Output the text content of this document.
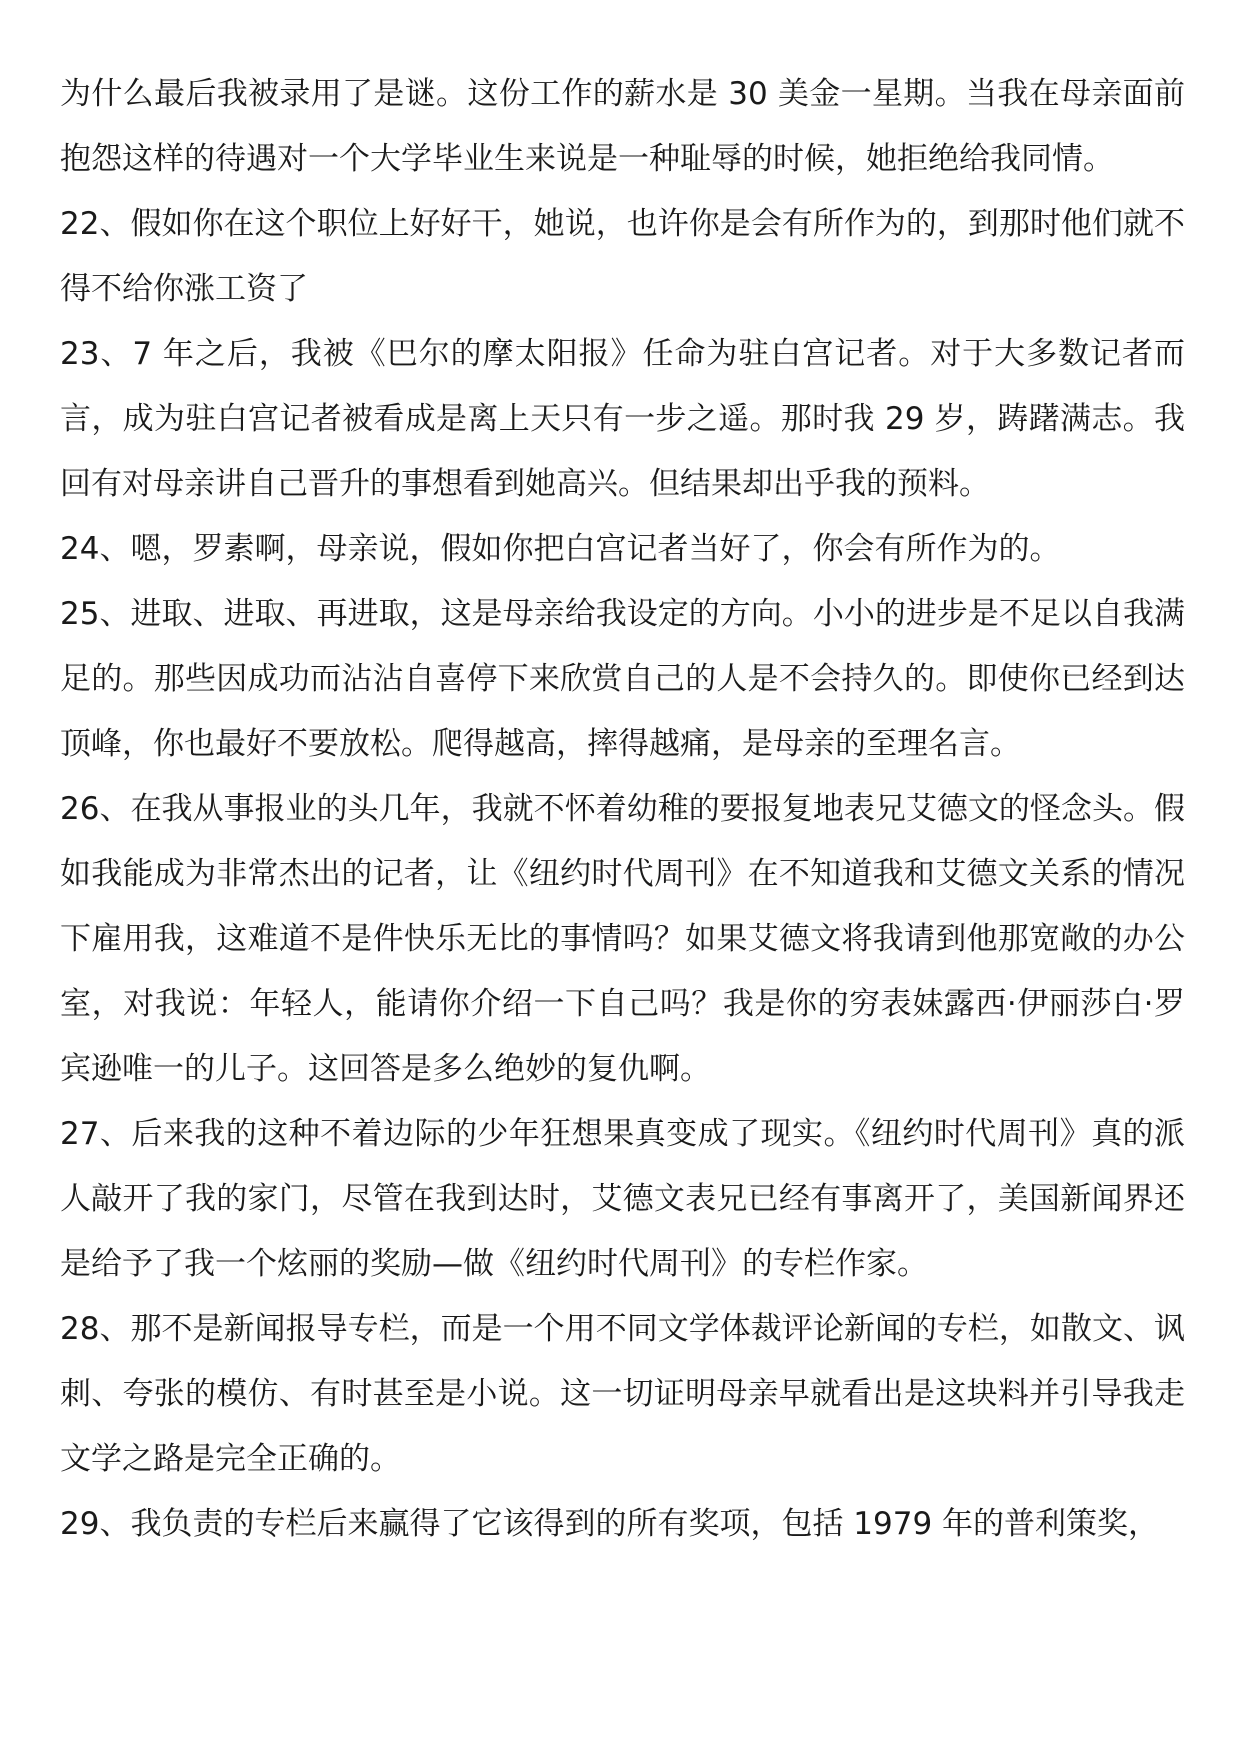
为什么最后我被录用了是谜。这份工作的薪水是 30 美金一星期。当我在母亲面前抱怨这样的待遇对一个大学毕业生来说是一种耻辱的时候，她拒绝给我同情。

22、假如你在这个职位上好好干，她说，也许你是会有所作为的，到那时他们就不得不给你涨工资了

23、7 年之后，我被《巴尔的摩太阳报》任命为驻白宫记者。对于大多数记者而言，成为驻白宫记者被看成是离上天只有一步之遥。那时我 29 岁，踌躇满志。我回有对母亲讲自己晋升的事想看到她高兴。但结果却出乎我的预料。

24、嗯，罗素啊，母亲说，假如你把白宫记者当好了，你会有所作为的。

25、进取、进取、再进取，这是母亲给我设定的方向。小小的进步是不足以自我满足的。那些因成功而沾沾自喜停下来欣赏自己的人是不会持久的。即使你已经到达顶峰，你也最好不要放松。爬得越高，摔得越痛，是母亲的至理名言。

26、在我从事报业的头几年，我就不怀着幼稚的要报复地表兄艾德文的怪念头。假如我能成为非常杰出的记者，让《纽约时代周刊》在不知道我和艾德文关系的情况下雇用我，这难道不是件快乐无比的事情吗？如果艾德文将我请到他那宽敞的办公室，对我说：年轻人，能请你介绍一下自己吗？我是你的穷表妹露西·伊丽莎白·罗宾逊唯一的儿子。这回答是多么绝妙的复仇啊。

27、后来我的这种不着边际的少年狂想果真变成了现实。《纽约时代周刊》真的派人敲开了我的家门，尽管在我到达时，艾德文表兄已经有事离开了，美国新闻界还是给予了我一个炫丽的奖励—做《纽约时代周刊》的专栏作家。

28、那不是新闻报导专栏，而是一个用不同文学体裁评论新闻的专栏，如散文、讽刺、夸张的模仿、有时甚至是小说。这一切证明母亲早就看出是这块料并引导我走文学之路是完全正确的。

29、我负责的专栏后来赢得了它该得到的所有奖项，包括 1979 年的普利策奖，
